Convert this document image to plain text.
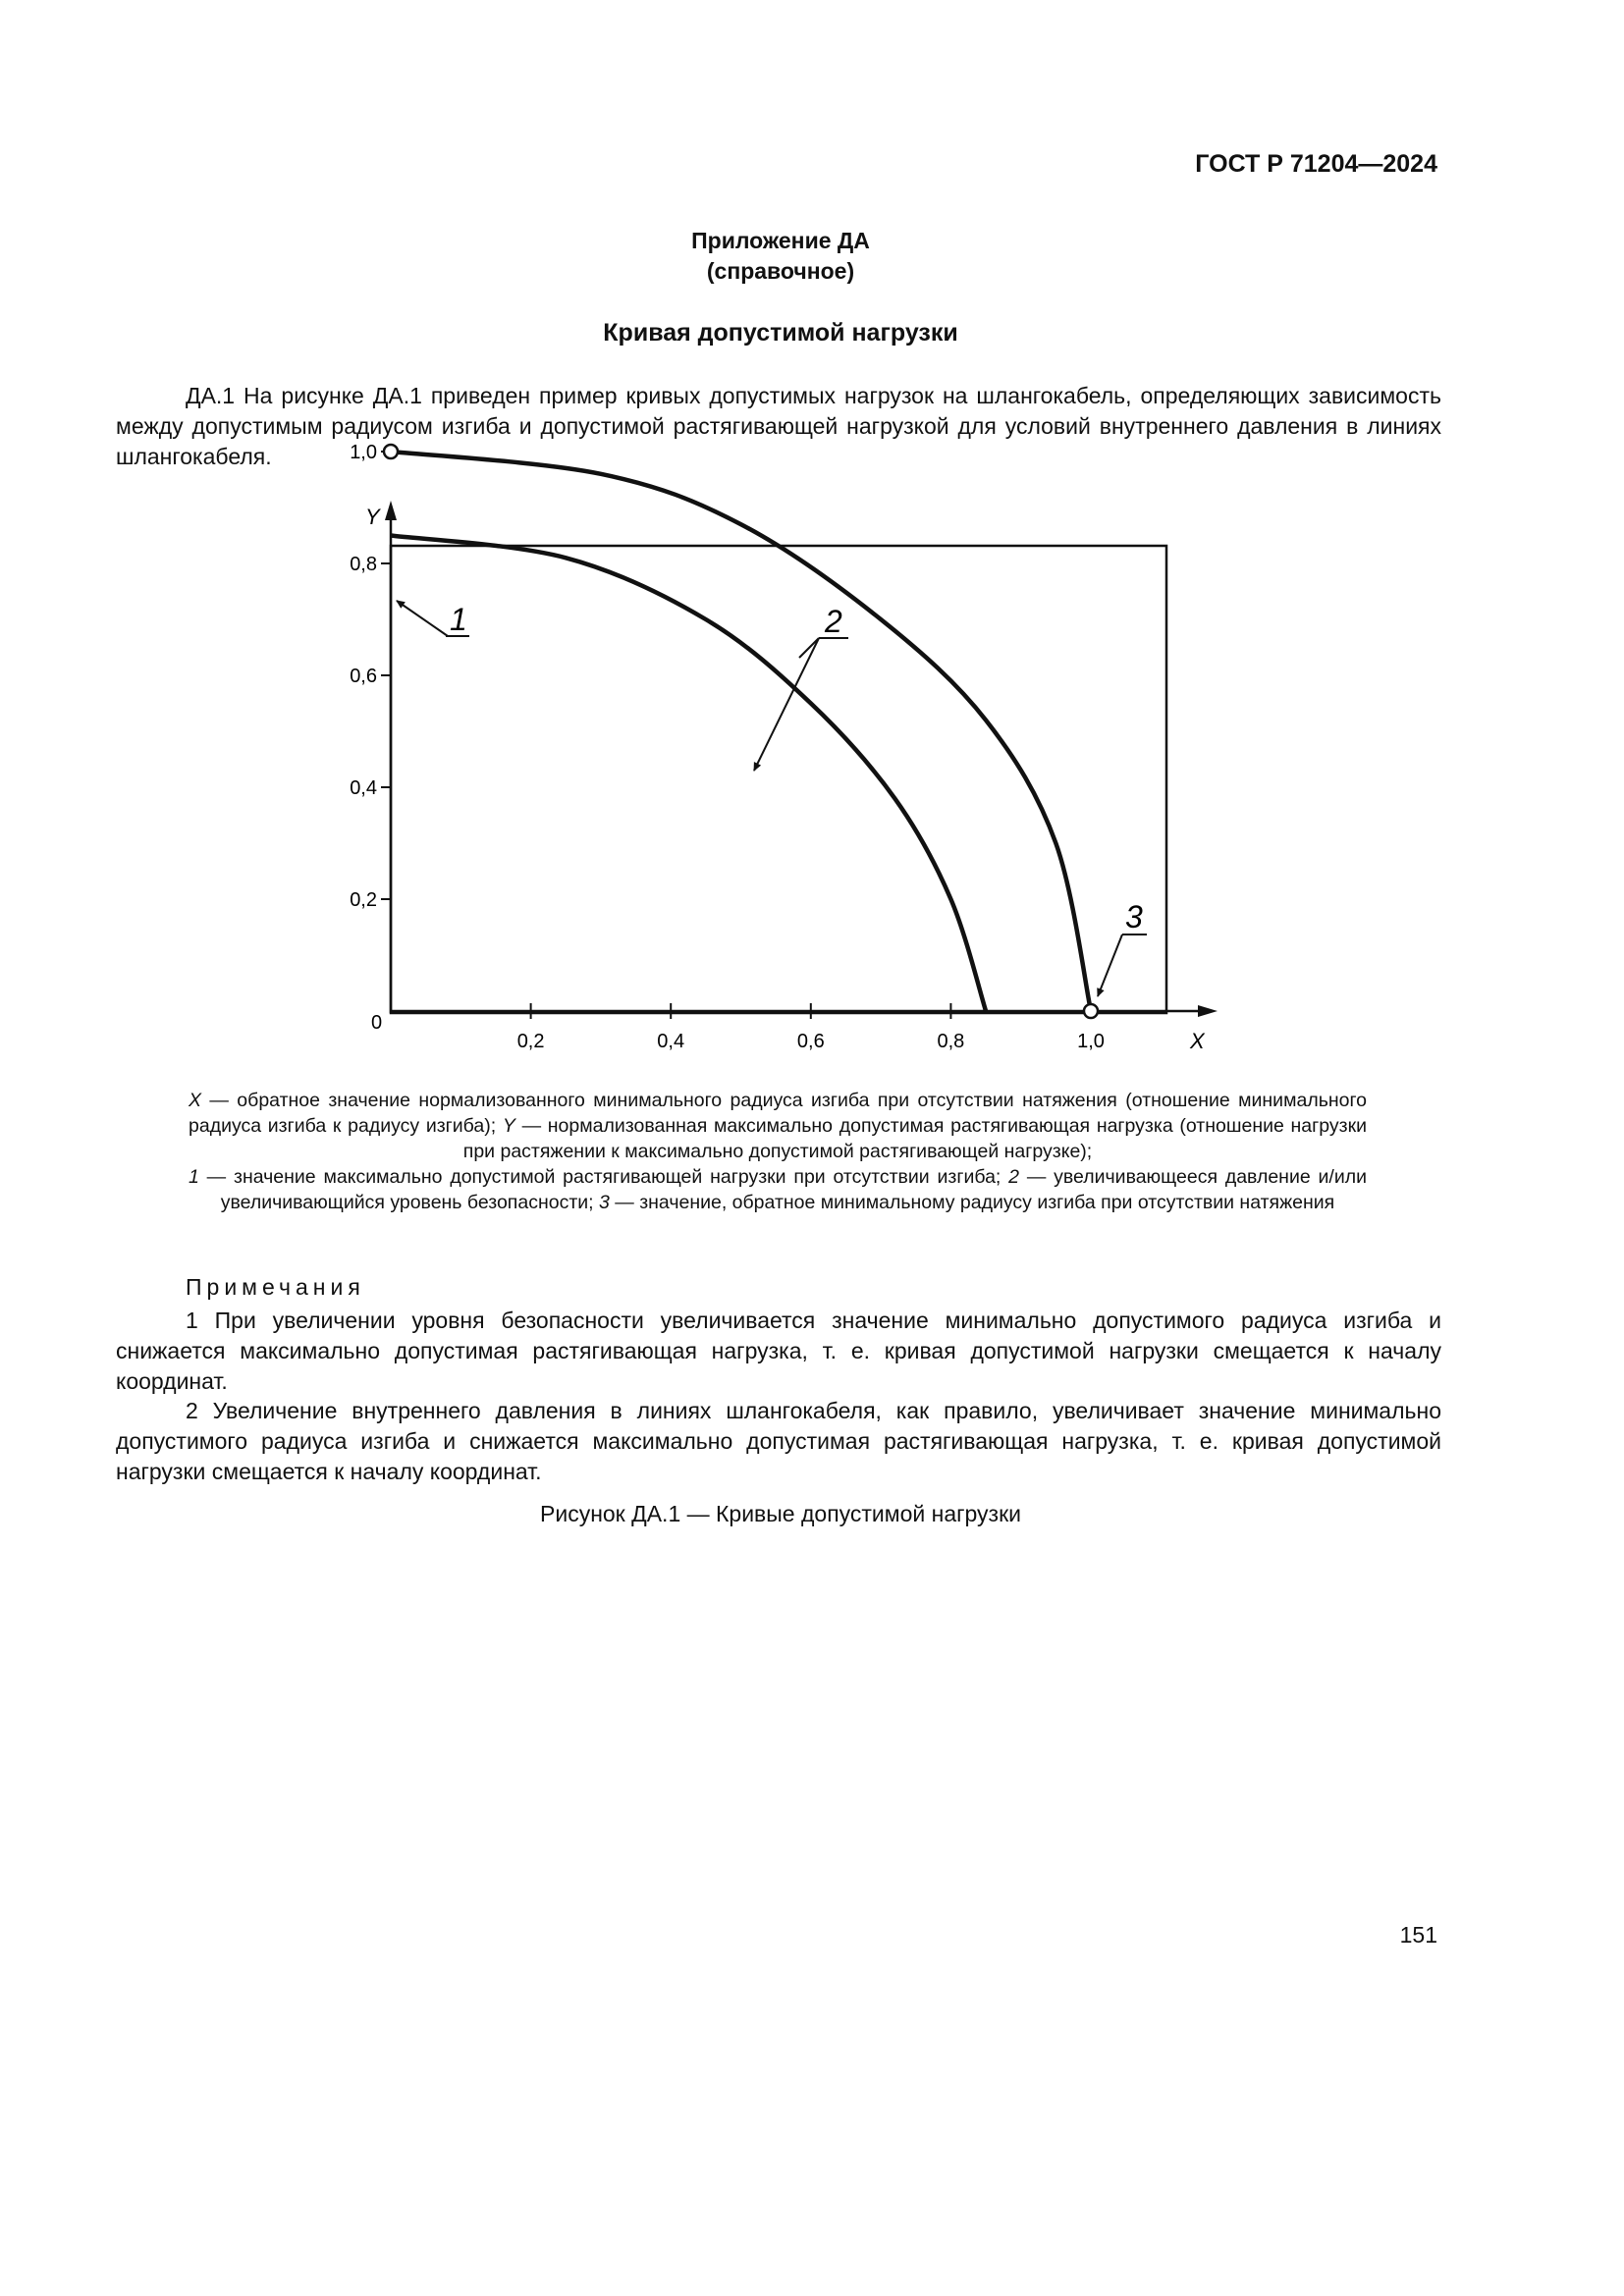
ГОСТ Р 71204—2024
Приложение ДА
(справочное)
Кривая допустимой нагрузки

ДА.1 На рисунке ДА.1 приведен пример кривых допустимых нагрузок на шлангокабель, определяющих зависимость между допустимым радиусом изгиба и допустимой растягивающей нагрузкой для условий внутреннего давления в линиях шлангокабеля.

Y
X
0
0,2	0,4	0,6	0,8	1,0
0,2
0,4
0,6
0,8
1,0
1	2
3

X — обратное значение нормализованного минимального радиуса изгиба при отсутствии натяжения (отношение минимального радиуса изгиба к радиусу изгиба); Y — нормализованная максимально допустимая растягивающая нагрузка (отношение нагрузки при растяжении к максимально допустимой растягивающей нагрузке);
1 — значение максимально допустимой растягивающей нагрузки при отсутствии изгиба; 2 — увеличивающееся давление и/или увеличивающийся уровень безопасности; 3 — значение, обратное минимальному радиусу изгиба при отсутствии натяжения

Примечания

1 При увеличении уровня безопасности увеличивается значение минимально допустимого радиуса изгиба и снижается максимально допустимая растягивающая нагрузка, т. е. кривая допустимой нагрузки смещается к началу координат.

2 Увеличение внутреннего давления в линиях шлангокабеля, как правило, увеличивает значение минимально допустимого радиуса изгиба и снижается максимально допустимая растягивающая нагрузка, т. е. кривая допустимой нагрузки смещается к началу координат.

Рисунок ДА.1 — Кривые допустимой нагрузки
151
